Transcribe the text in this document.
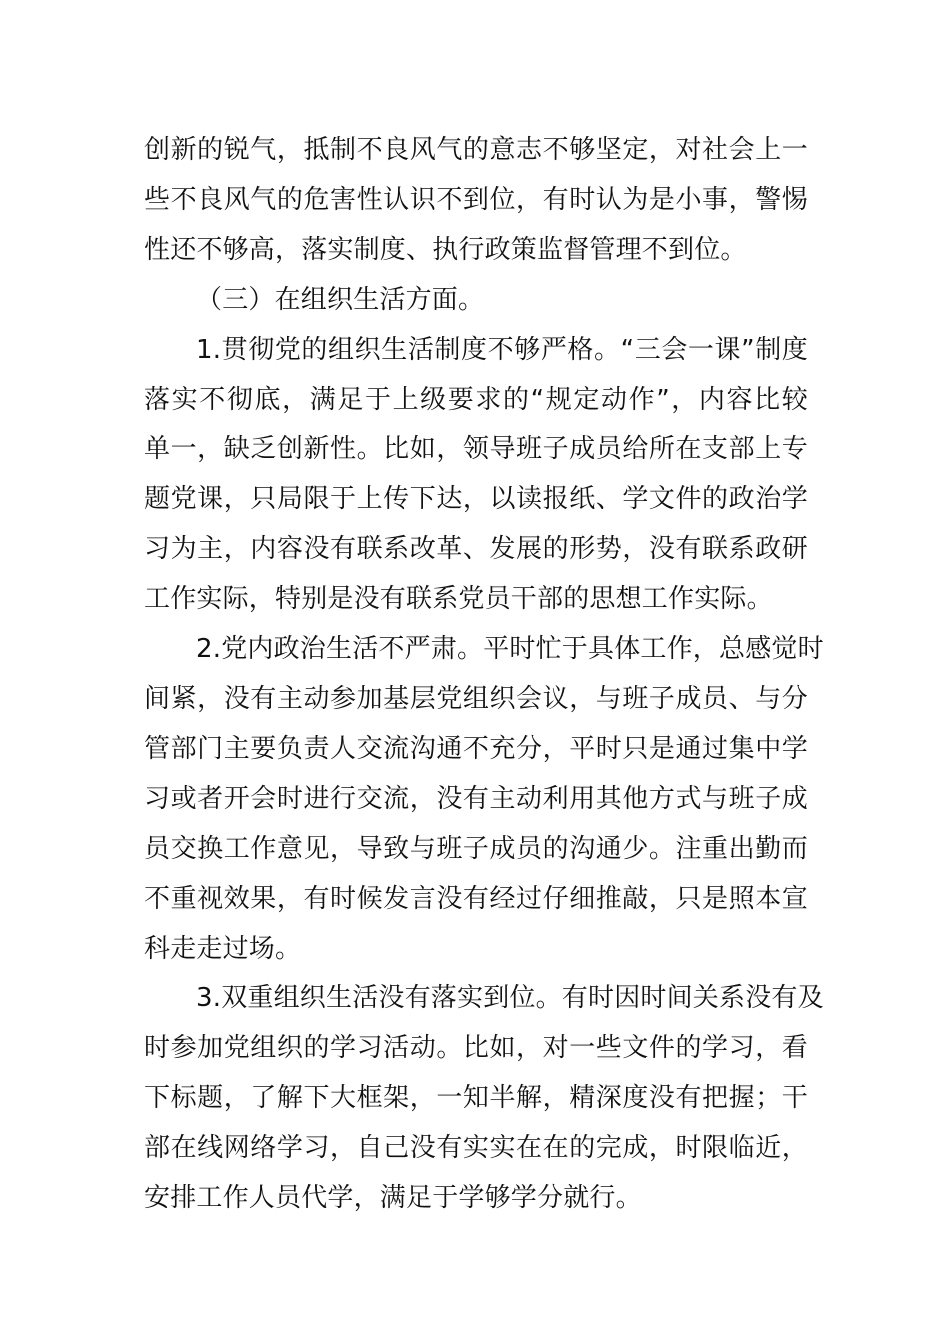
创新的锐气，抵制不良风气的意志不够坚定，对社会上一
些不良风气的危害性认识不到位，有时认为是小事，警惕
性还不够高，落实制度、执行政策监督管理不到位。
（三）在组织生活方面。
1.贯彻党的组织生活制度不够严格。“三会一课”制度
落实不彻底，满足于上级要求的“规定动作”，内容比较
单一，缺乏创新性。比如，领导班子成员给所在支部上专
题党课，只局限于上传下达，以读报纸、学文件的政治学
习为主，内容没有联系改革、发展的形势，没有联系政研
工作实际，特别是没有联系党员干部的思想工作实际。
2.党内政治生活不严肃。平时忙于具体工作，总感觉时
间紧，没有主动参加基层党组织会议，与班子成员、与分
管部门主要负责人交流沟通不充分，平时只是通过集中学
习或者开会时进行交流，没有主动利用其他方式与班子成
员交换工作意见，导致与班子成员的沟通少。注重出勤而
不重视效果，有时候发言没有经过仔细推敲，只是照本宣
科走走过场。
3.双重组织生活没有落实到位。有时因时间关系没有及
时参加党组织的学习活动。比如，对一些文件的学习，看
下标题，了解下大框架，一知半解，精深度没有把握；干
部在线网络学习，自己没有实实在在的完成，时限临近，
安排工作人员代学，满足于学够学分就行。
